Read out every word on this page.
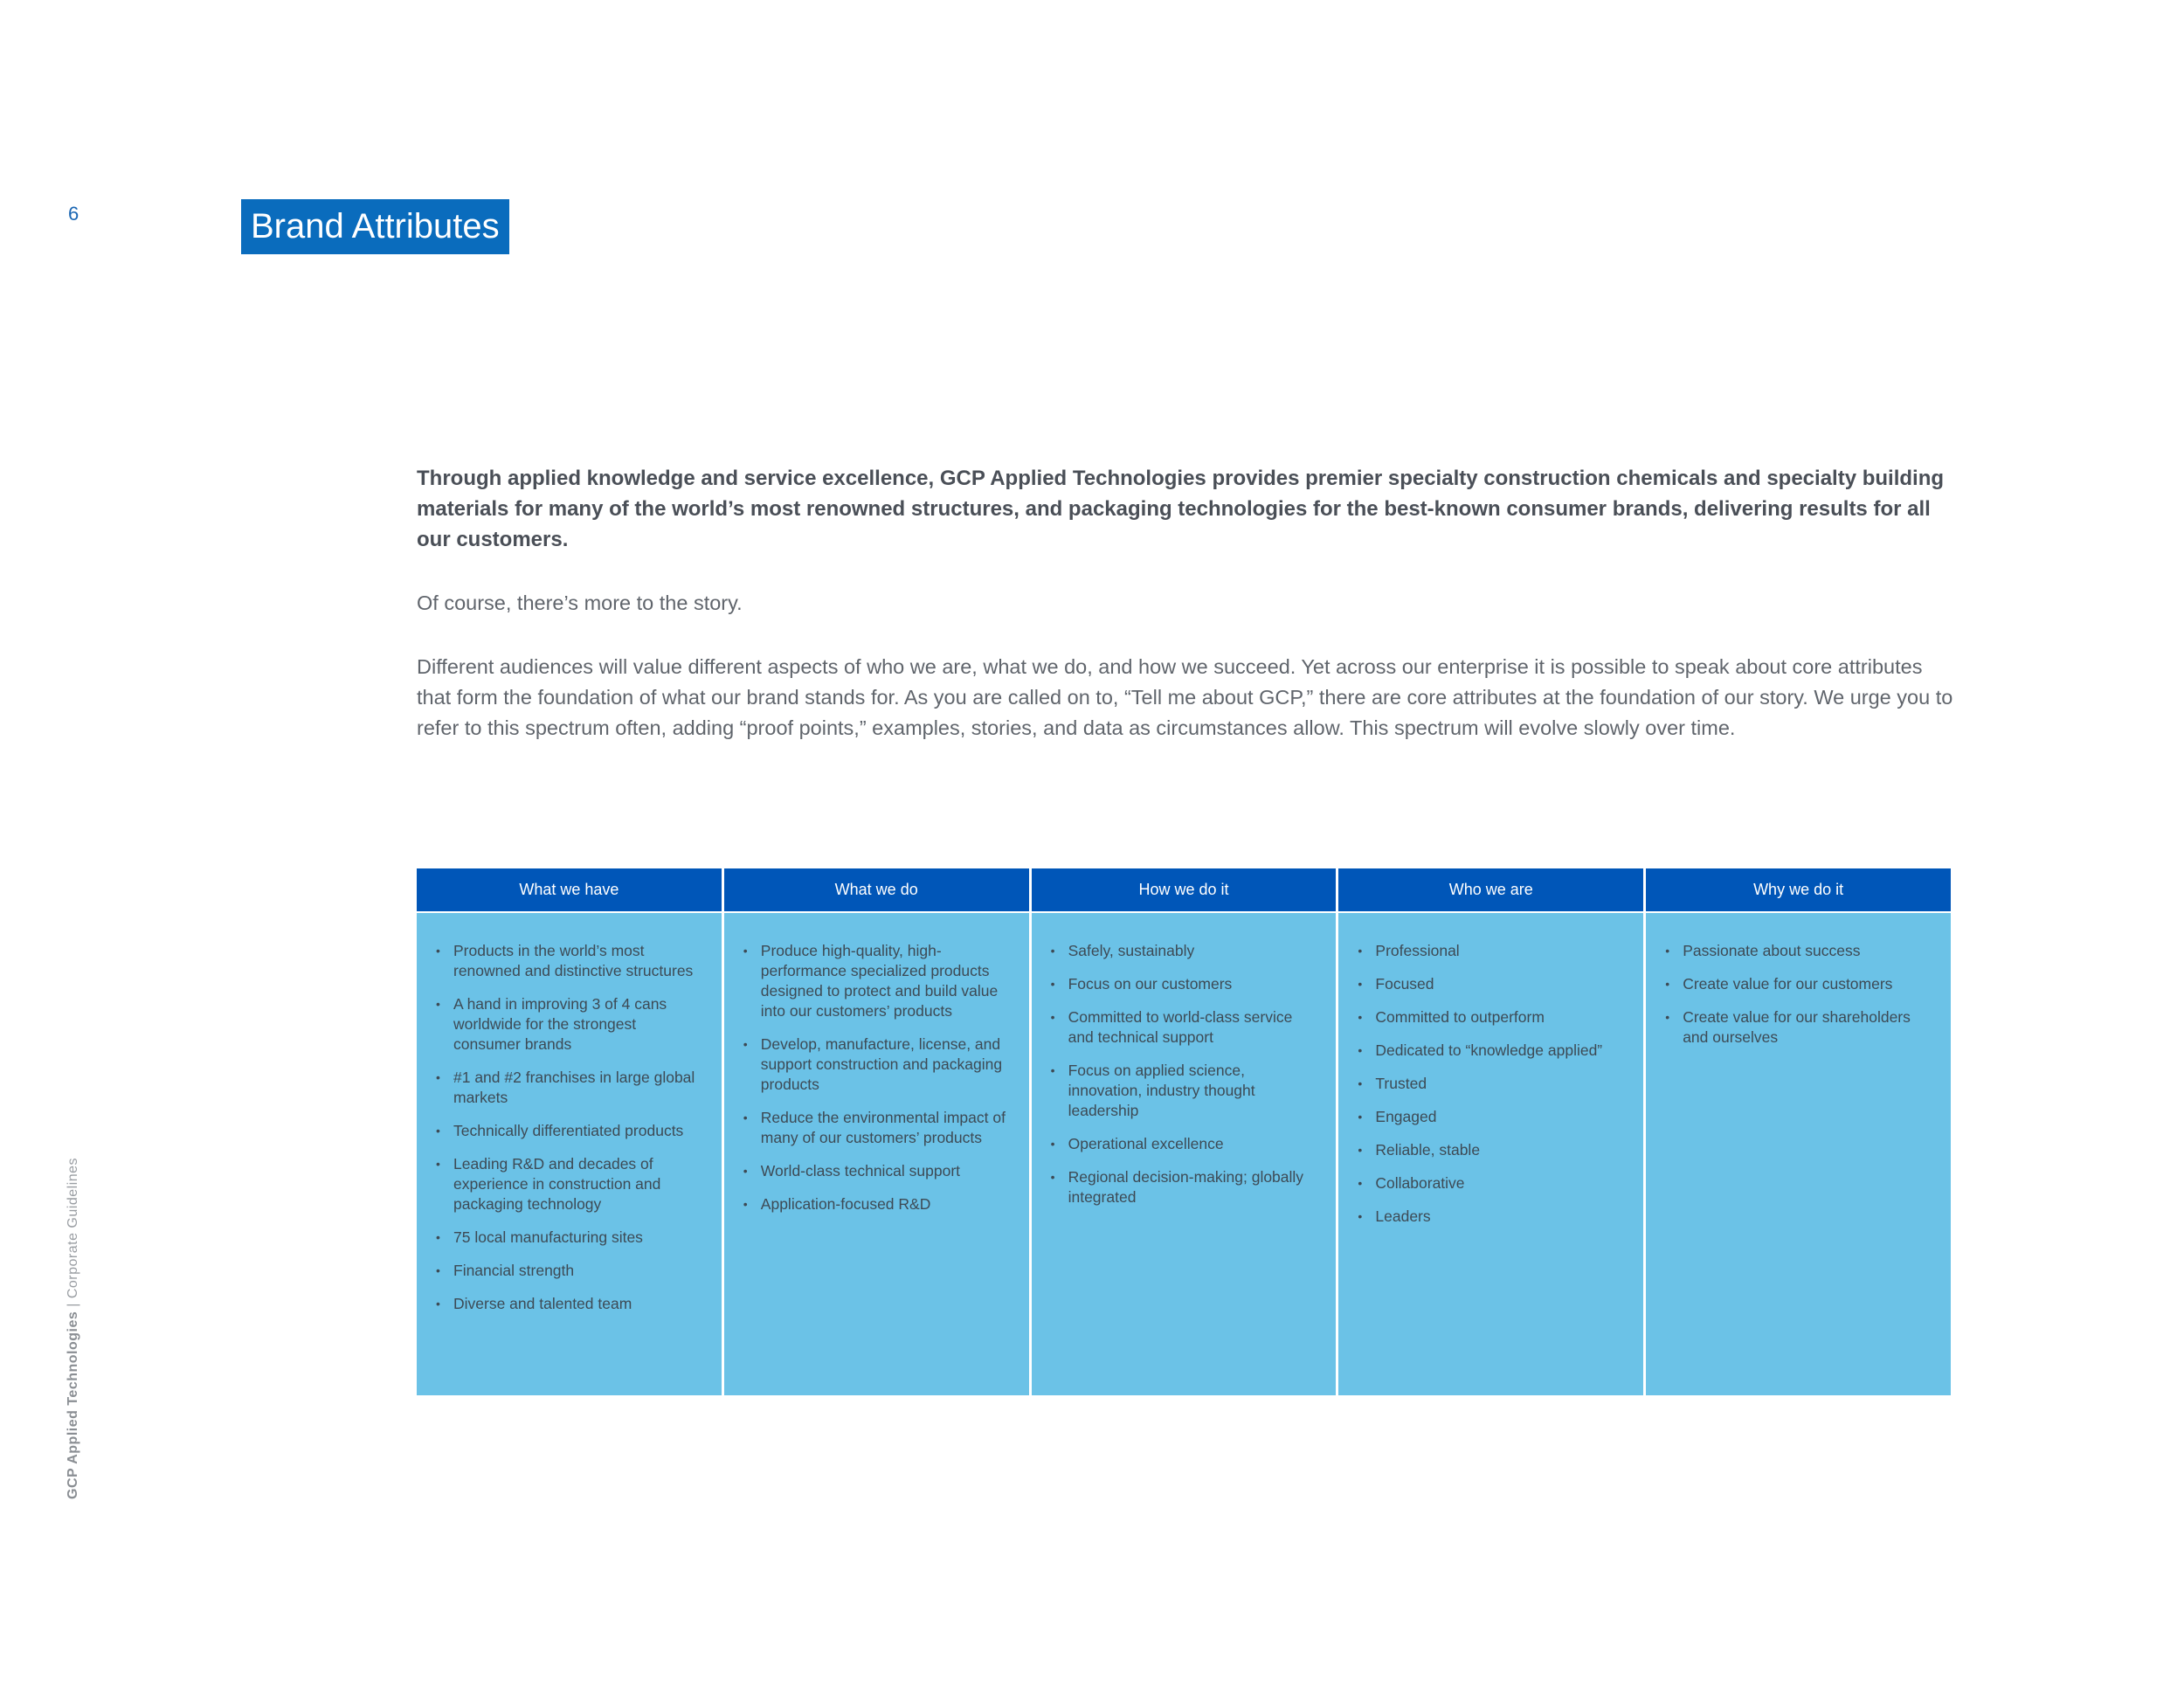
6	Brand Attributes
GCP Applied Technologies | Corporate Guidelines

Through applied knowledge and service excellence, GCP Applied Technologies provides premier specialty construction chemicals and specialty building materials for many of the world’s most renowned structures, and packaging technologies for the best-known consumer brands, delivering results for all our customers.

Of course, there’s more to the story.

Different audiences will value different aspects of who we are, what we do, and how we succeed. Yet across our enterprise it is possible to speak about core attributes that form the foundation of what our brand stands for. As you are called on to, “Tell me about GCP,” there are core attributes at the foundation of our story. We urge you to refer to this spectrum often, adding “proof points,” examples, stories, and data as circumstances allow. This spectrum will evolve slowly over time.

What we have
• Products in the world’s most renowned and distinctive structures
• A hand in improving 3 of 4 cans worldwide for the strongest consumer brands
• #1 and #2 franchises in large global markets
• Technically differentiated products
• Leading R&D and decades of experience in construction and packaging technology
• 75 local manufacturing sites
• Financial strength
• Diverse and talented team
What we do
• Produce high-quality, high-performance specialized products designed to protect and build value into our customers’ products
• Develop, manufacture, license, and support construction and packaging products
• Reduce the environmental impact of many of our customers’ products
• World-class technical support
• Application-focused R&D
How we do it
• Safely, sustainably
• Focus on our customers
• Committed to world-class service and technical support
• Focus on applied science, innovation, industry thought leadership
• Operational excellence
• Regional decision-making; globally integrated
Who we are
• Professional
• Focused
• Committed to outperform
• Dedicated to “knowledge applied”
• Trusted
• Engaged
• Reliable, stable
• Collaborative
• Leaders
Why we do it
• Passionate about success
• Create value for our customers
• Create value for our shareholders and ourselves
